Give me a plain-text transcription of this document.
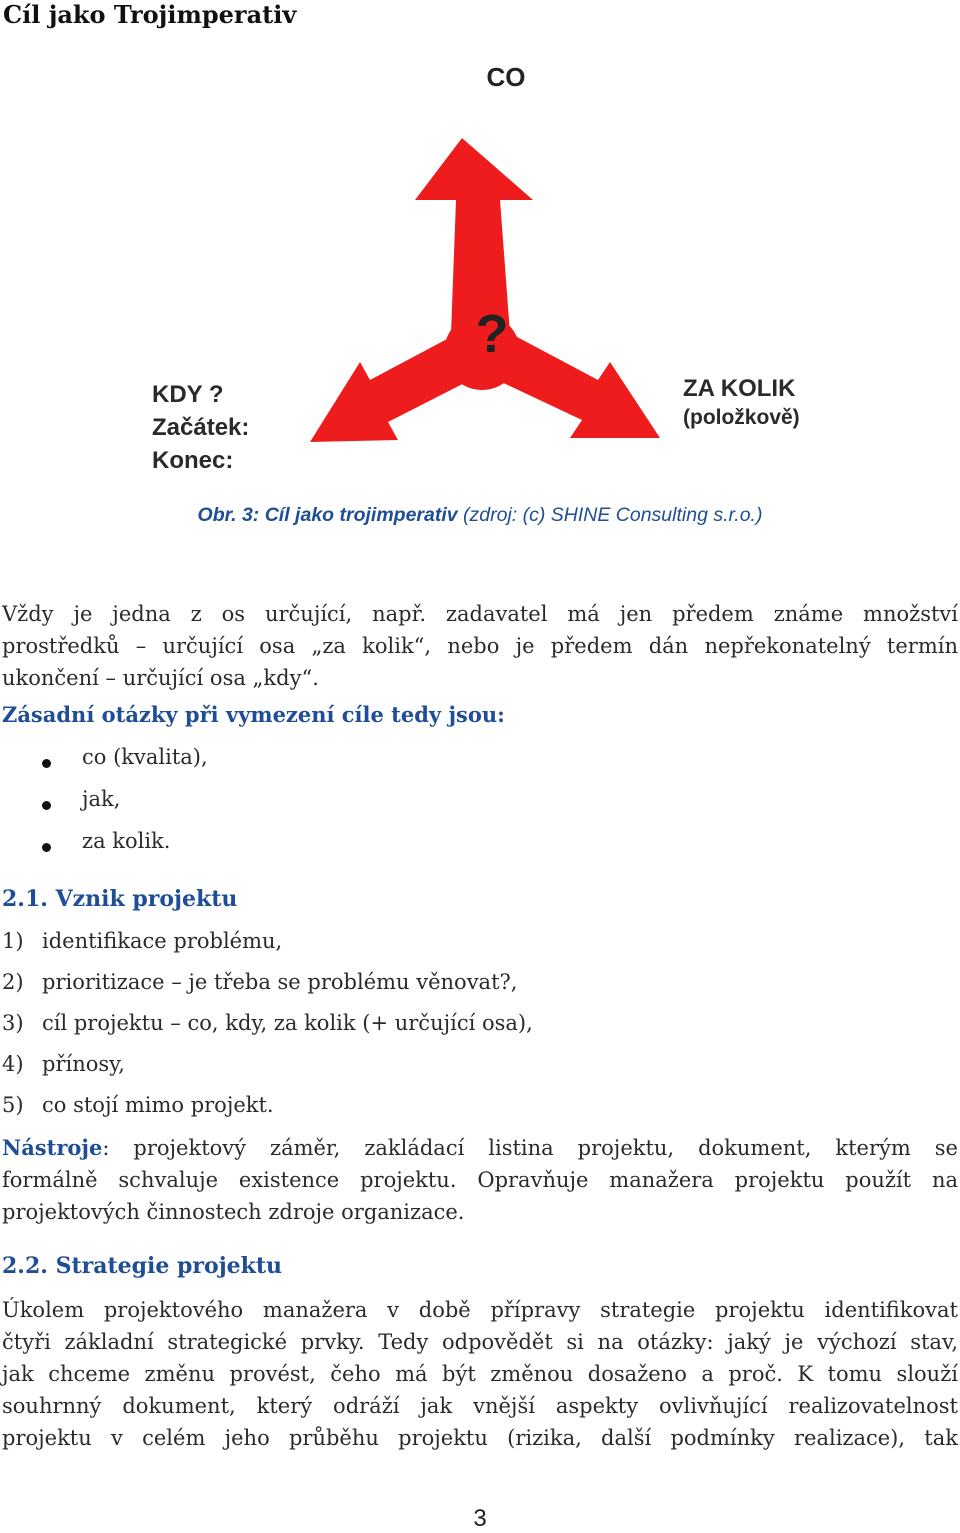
Cíl jako Trojimperativ
CO
?
KDY ?
Začátek:
Konec:
ZA KOLIK
(položkově)
Obr. 3: Cíl jako trojimperativ (zdroj: (c) SHINE Consulting s.r.o.)
Vždy je jedna z os určující, např. zadavatel má jen předem známe množství
prostředků – určující osa „za kolik“, nebo je předem dán nepřekonatelný termín
ukončení – určující osa „kdy“.
Zásadní otázky při vymezení cíle tedy jsou:
co (kvalita),
jak,
za kolik.
2.1. Vznik projektu
1) identifikace problému,
2) prioritizace – je třeba se problému věnovat?,
3) cíl projektu – co, kdy, za kolik (+ určující osa),
4) přínosy,
5) co stojí mimo projekt.
Nástroje: projektový záměr, zakládací listina projektu, dokument, kterým se
formálně schvaluje existence projektu. Opravňuje manažera projektu použít na
projektových činnostech zdroje organizace.
2.2. Strategie projektu
Úkolem projektového manažera v době přípravy strategie projektu identifikovat
čtyři základní strategické prvky. Tedy odpovědět si na otázky: jaký je výchozí stav,
jak chceme změnu provést, čeho má být změnou dosaženo a proč. K tomu slouží
souhrnný dokument, který odráží jak vnější aspekty ovlivňující realizovatelnost
projektu v celém jeho průběhu projektu (rizika, další podmínky realizace), tak
3
